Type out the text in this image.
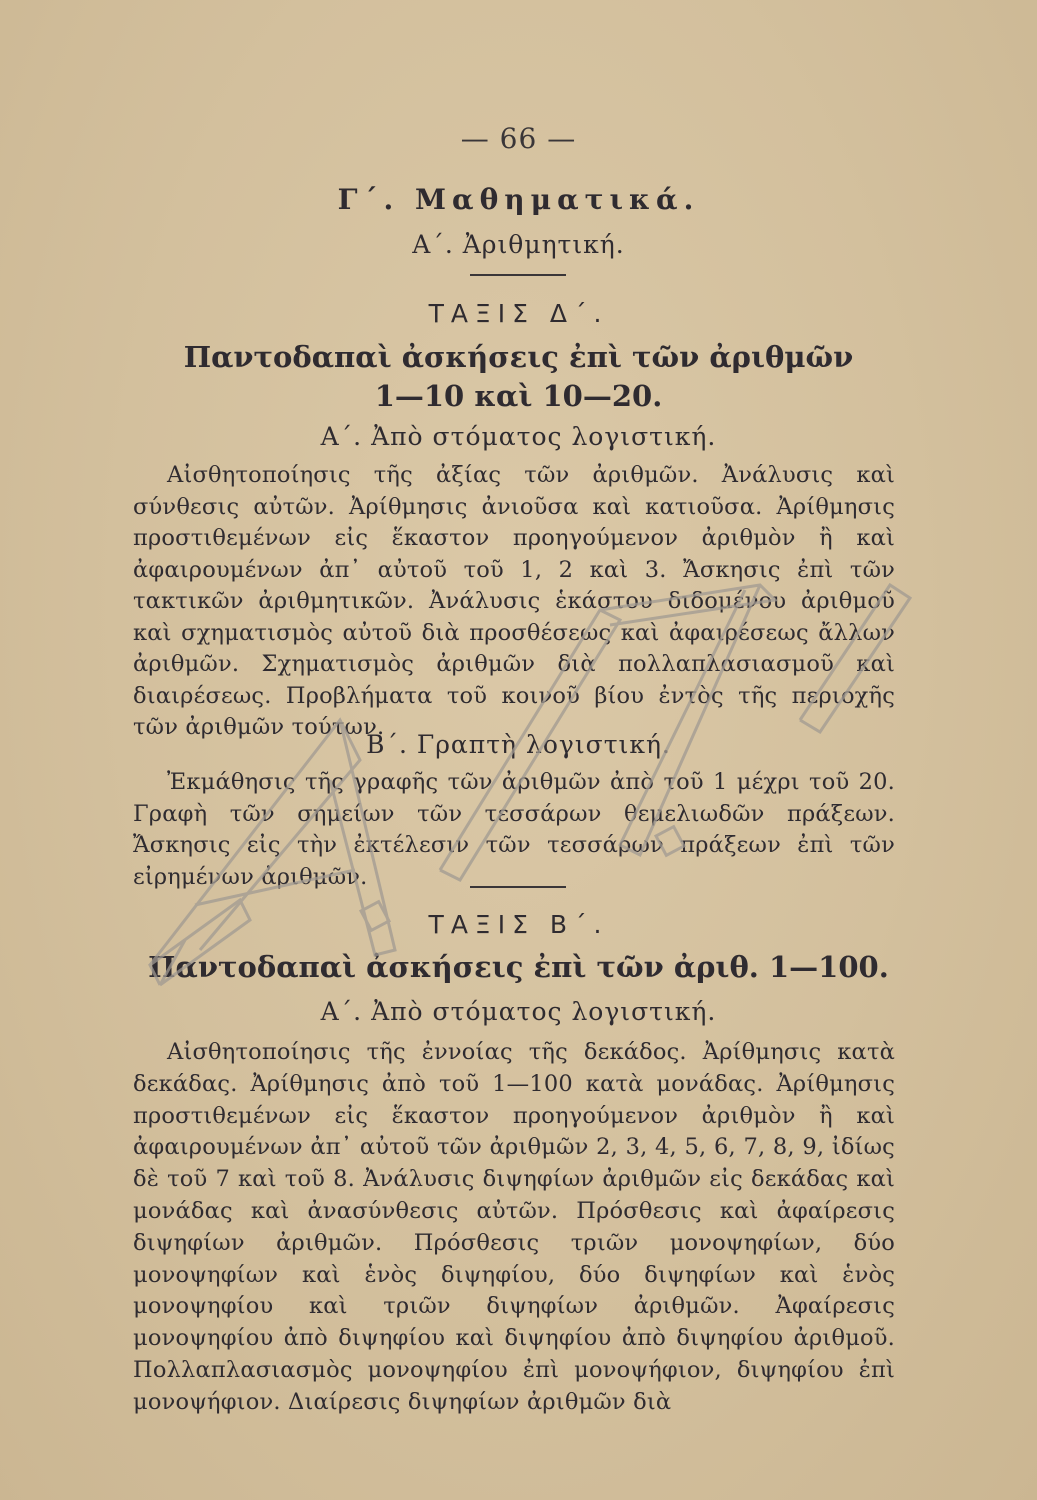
— 66 —
Γ΄. Μαθηματικά.
Α΄. Ἀριθμητική.
ΤΑΞΙΣ Δ΄.
Παντοδαπαὶ ἀσκήσεις ἐπὶ τῶν ἀριθμῶν
1—10 καὶ 10—20.
Α΄. Ἀπὸ στόματος λογιστική.
Αἰσθητοποίησις τῆς ἀξίας τῶν ἀριθμῶν. Ἀνάλυσις καὶ σύνθεσις αὐτῶν. Ἀρίθμησις ἀνιοῦσα καὶ κατιοῦσα. Ἀρίθμησις προστιθεμένων εἰς ἕκαστον προηγούμενον ἀριθμὸν ἢ καὶ ἀφαιρουμένων ἀπ᾿ αὐτοῦ τοῦ 1, 2 καὶ 3. Ἄσκησις ἐπὶ τῶν τακτικῶν ἀριθμητικῶν. Ἀνάλυσις ἑκάστου διδομένου ἀριθμοῦ καὶ σχηματισμὸς αὐτοῦ διὰ προσθέσεως καὶ ἀφαιρέσεως ἄλλων ἀριθμῶν. Σχηματισμὸς ἀριθμῶν διὰ πολλαπλασιασμοῦ καὶ διαιρέσεως. Προβλήματα τοῦ κοινοῦ βίου ἐντὸς τῆς περιοχῆς τῶν ἀριθμῶν τούτων.
Β΄. Γραπτὴ λογιστική.
Ἐκμάθησις τῆς γραφῆς τῶν ἀριθμῶν ἀπὸ τοῦ 1 μέχρι τοῦ 20. Γραφὴ τῶν σημείων τῶν τεσσάρων θεμελιωδῶν πράξεων. Ἄσκησις εἰς τὴν ἐκτέλεσιν τῶν τεσσάρων πράξεων ἐπὶ τῶν εἰρημένων ἀριθμῶν.
ΤΑΞΙΣ Β΄.
Παντοδαπαὶ ἀσκήσεις ἐπὶ τῶν ἀριθ. 1—100.
Α΄. Ἀπὸ στόματος λογιστική.
Αἰσθητοποίησις τῆς ἐννοίας τῆς δεκάδος. Ἀρίθμησις κατὰ δεκάδας. Ἀρίθμησις ἀπὸ τοῦ 1—100 κατὰ μονάδας. Ἀρίθμησις προστιθεμένων εἰς ἕκαστον προηγούμενον ἀριθμὸν ἢ καὶ ἀφαιρουμένων ἀπ᾿ αὐτοῦ τῶν ἀριθμῶν 2, 3, 4, 5, 6, 7, 8, 9, ἰδίως δὲ τοῦ 7 καὶ τοῦ 8. Ἀνάλυσις διψηφίων ἀριθμῶν εἰς δεκάδας καὶ μονάδας καὶ ἀνασύνθεσις αὐτῶν. Πρόσθεσις καὶ ἀφαίρεσις διψηφίων ἀριθμῶν. Πρόσθεσις τριῶν μονοψηφίων, δύο μονοψηφίων καὶ ἑνὸς διψηφίου, δύο διψηφίων καὶ ἑνὸς μονοψηφίου καὶ τριῶν διψηφίων ἀριθμῶν. Ἀφαίρεσις μονοψηφίου ἀπὸ διψηφίου καὶ διψηφίου ἀπὸ διψηφίου ἀριθμοῦ. Πολλαπλασιασμὸς μονοψηφίου ἐπὶ μονοψήφιον, διψηφίου ἐπὶ μονοψήφιον. Διαίρεσις διψηφίων ἀριθμῶν διὰ
